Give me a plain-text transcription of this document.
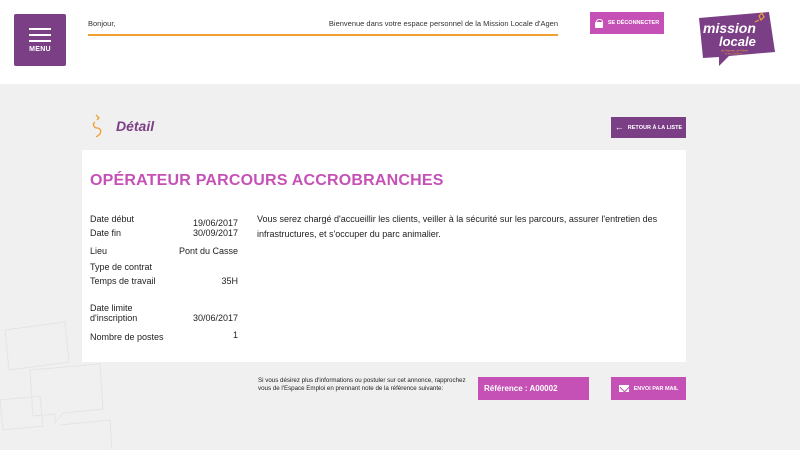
MENU
Bonjour,	Bienvenue dans votre espace personnel de la Mission Locale d'Agen	SE DÉCONNECTER	mission
locale
de l'Agenais, de l'Albret
et du Confluent
Détail	← RETOUR À LA LISTE
OPÉRATEUR PARCOURS ACCROBRANCHES
Date début	19/06/2017
Date fin	30/09/2017
Lieu	Pont du Casse
Type de contrat
Temps de travail	35H
Date limite d'inscription	30/06/2017
Nombre de postes	1
Vous serez chargé d'accueillir les clients, veiller à la sécurité sur les parcours, assurer l'entretien des infrastructures, et s'occuper du parc animalier.
Si vous désirez plus d'informations ou postuler sur cet annonce, rapprochez vous de l'Espace Emploi en prennant note de la référence suivante:	Référence : A00002	ENVOI PAR MAIL
